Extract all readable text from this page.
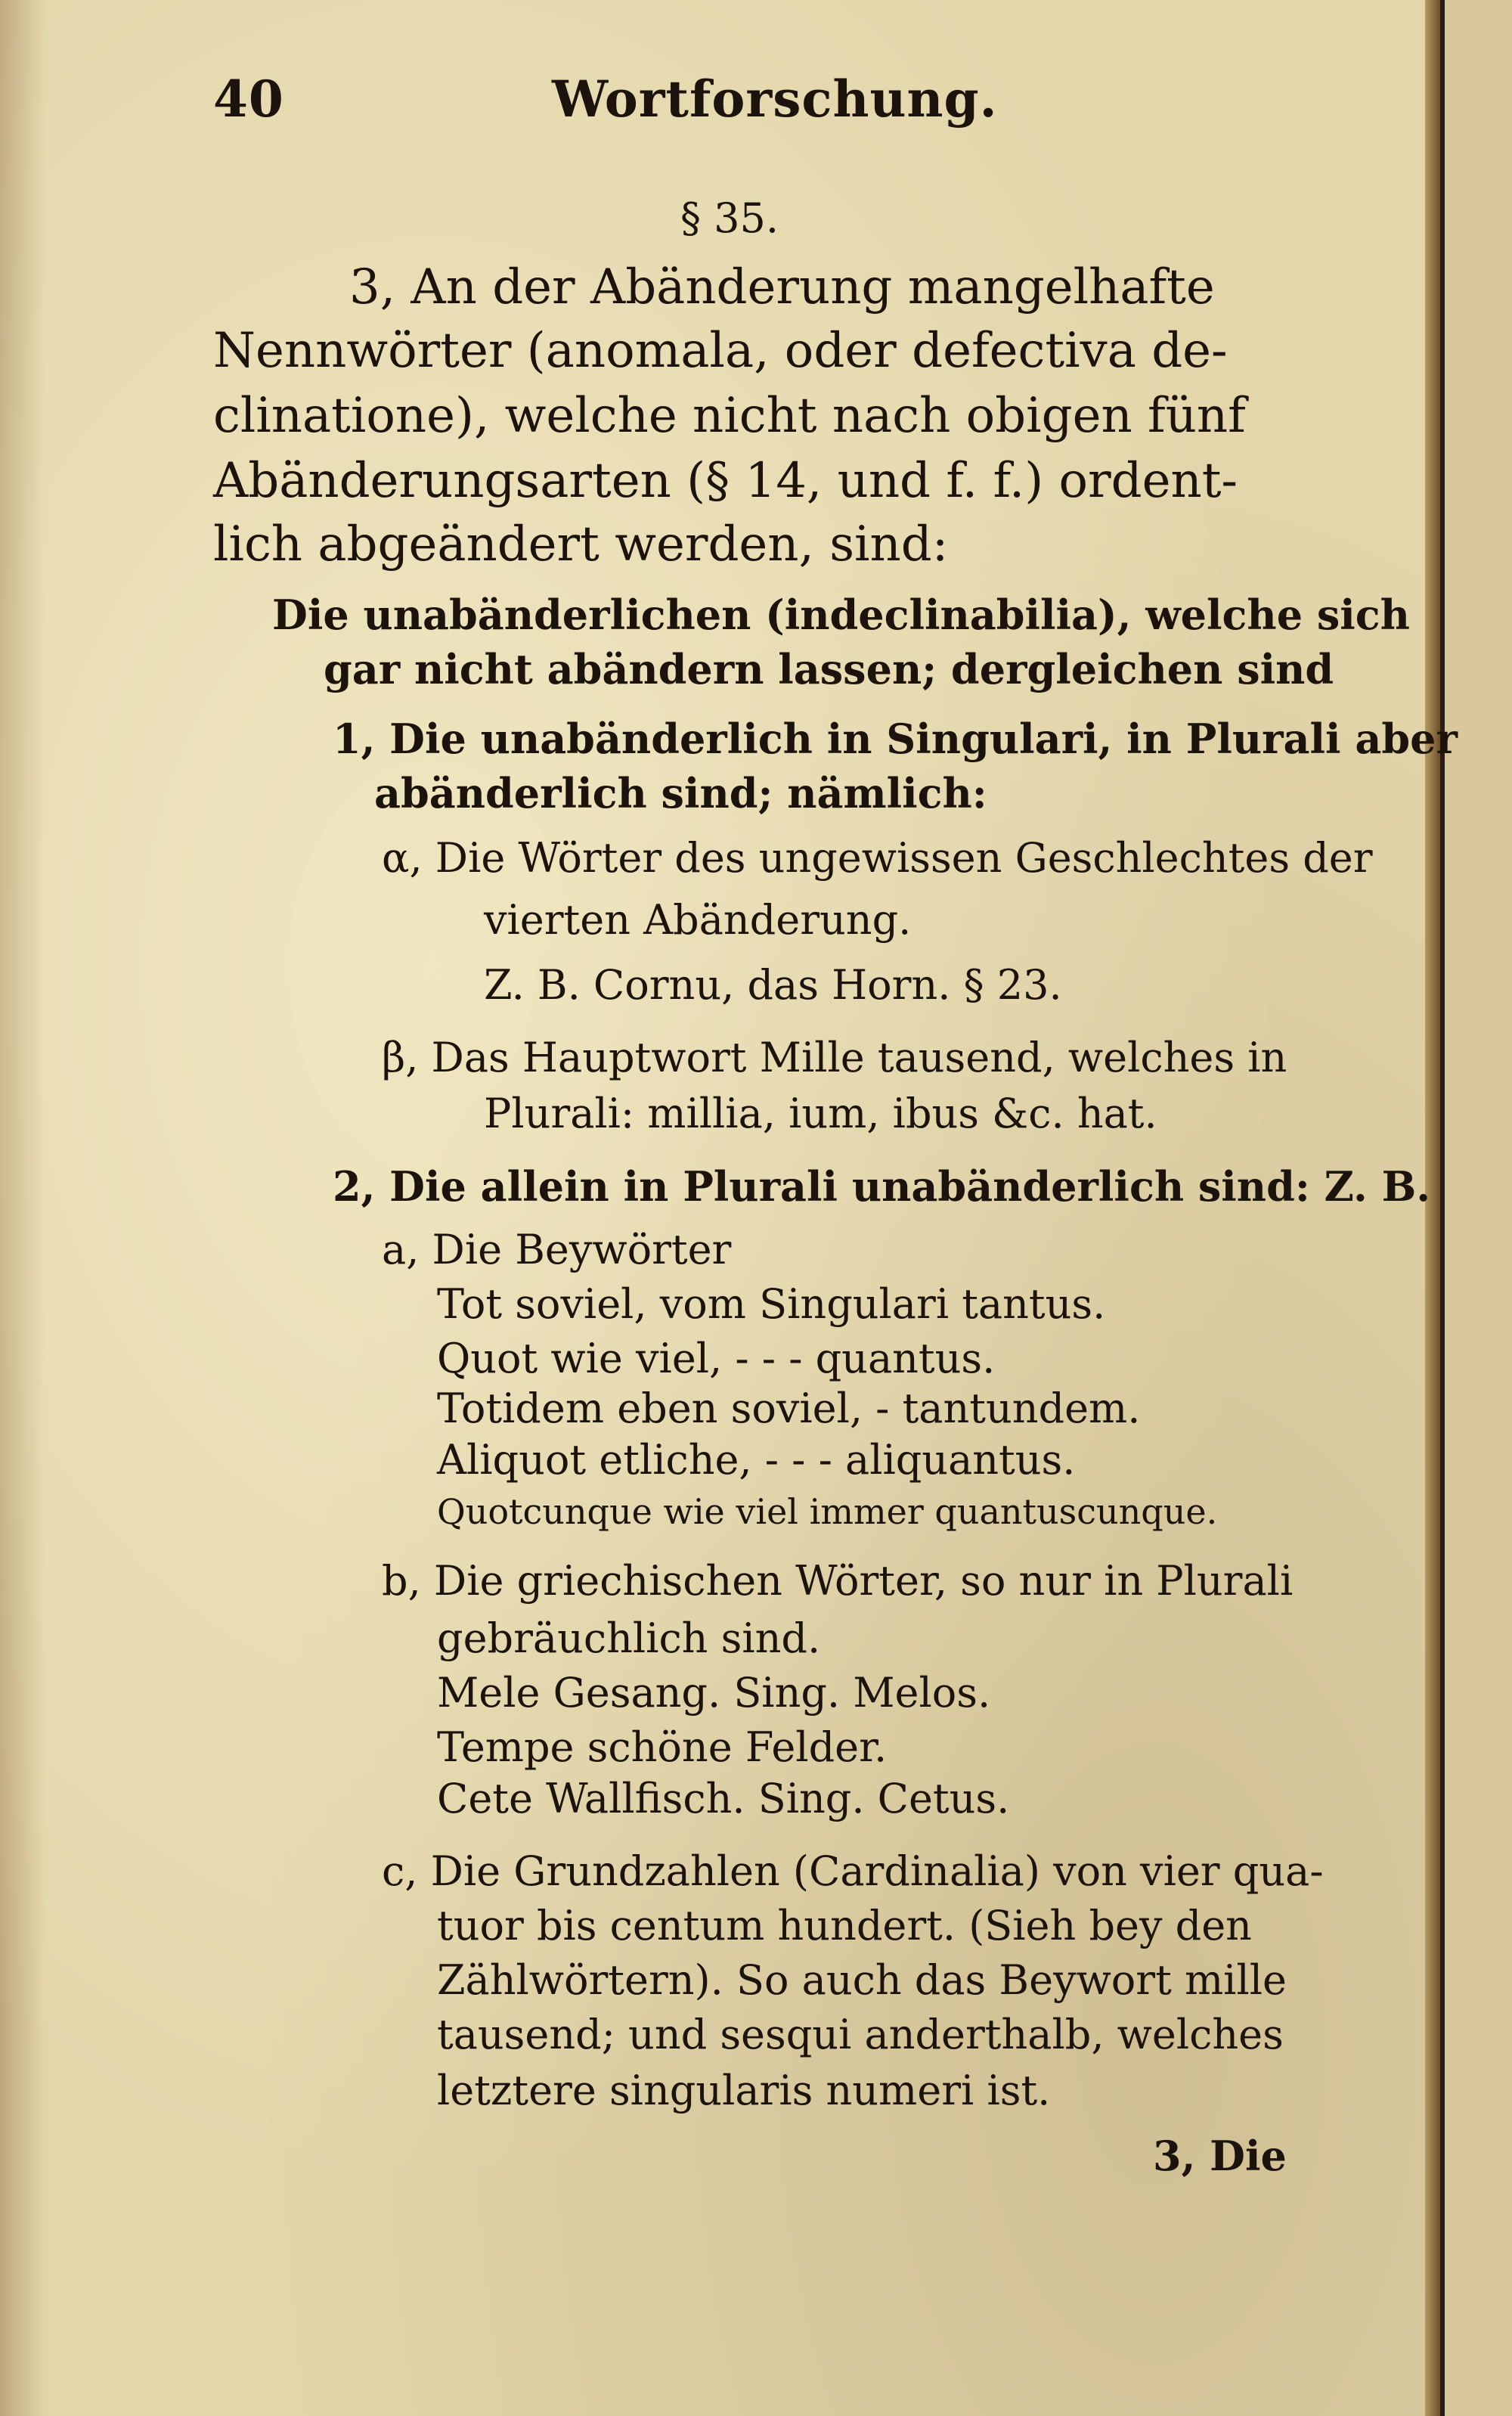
40	Wortforschung.
§ 35.
3, An der Abänderung mangelhafte
Nennwörter (anomala, oder defectiva de-
clinatione), welche nicht nach obigen fünf
Abänderungsarten (§ 14, und f. f.) ordent-
lich abgeändert werden, sind:
Die unabänderlichen (indeclinabilia), welche sich
gar nicht abändern lassen; dergleichen sind
1, Die unabänderlich in Singulari, in Plurali aber
abänderlich sind; nämlich:
α, Die Wörter des ungewissen Geschlechtes der
vierten Abänderung.
Z. B. Cornu, das Horn. § 23.
β, Das Hauptwort Mille tausend, welches in
Plurali: millia, ium, ibus &c. hat.
2, Die allein in Plurali unabänderlich sind: Z. B.
a, Die Beywörter
Tot soviel, vom Singulari tantus.
Quot wie viel, - - - quantus.
Totidem eben soviel, - tantundem.
Aliquot etliche, - - - aliquantus.
Quotcunque wie viel immer quantuscunque.
b, Die griechischen Wörter, so nur in Plurali
gebräuchlich sind.
Mele Gesang. Sing. Melos.
Tempe schöne Felder.
Cete Wallfisch. Sing. Cetus.
c, Die Grundzahlen (Cardinalia) von vier qua-
tuor bis centum hundert. (Sieh bey den
Zählwörtern). So auch das Beywort mille
tausend; und sesqui anderthalb, welches
letztere singularis numeri ist.
3, Die
